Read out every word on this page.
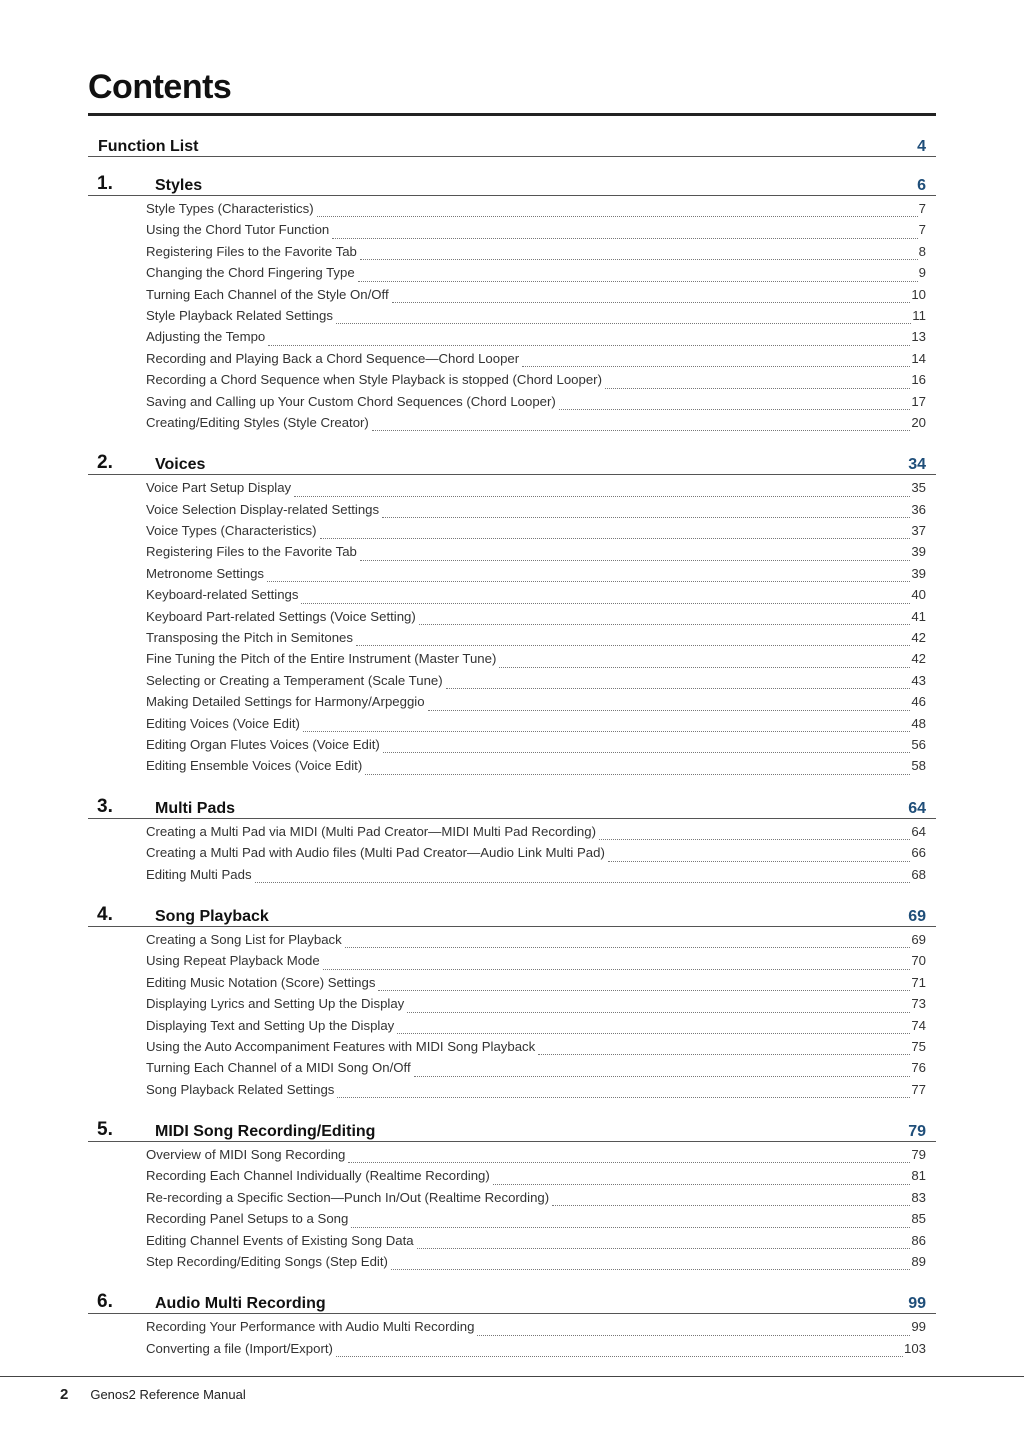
Contents
Function List	4
1.	Styles	6
Style Types (Characteristics)	7
Using the Chord Tutor Function	7
Registering Files to the Favorite Tab	8
Changing the Chord Fingering Type	9
Turning Each Channel of the Style On/Off	10
Style Playback Related Settings	11
Adjusting the Tempo	13
Recording and Playing Back a Chord Sequence—Chord Looper	14
Recording a Chord Sequence when Style Playback is stopped (Chord Looper)	16
Saving and Calling up Your Custom Chord Sequences (Chord Looper)	17
Creating/Editing Styles (Style Creator)	20
2.	Voices	34
Voice Part Setup Display	35
Voice Selection Display-related Settings	36
Voice Types (Characteristics)	37
Registering Files to the Favorite Tab	39
Metronome Settings	39
Keyboard-related Settings	40
Keyboard Part-related Settings (Voice Setting)	41
Transposing the Pitch in Semitones	42
Fine Tuning the Pitch of the Entire Instrument (Master Tune)	42
Selecting or Creating a Temperament (Scale Tune)	43
Making Detailed Settings for Harmony/Arpeggio	46
Editing Voices (Voice Edit)	48
Editing Organ Flutes Voices (Voice Edit)	56
Editing Ensemble Voices (Voice Edit)	58
3.	Multi Pads	64
Creating a Multi Pad via MIDI (Multi Pad Creator—MIDI Multi Pad Recording)	64
Creating a Multi Pad with Audio files (Multi Pad Creator—Audio Link Multi Pad)	66
Editing Multi Pads	68
4.	Song Playback	69
Creating a Song List for Playback	69
Using Repeat Playback Mode	70
Editing Music Notation (Score) Settings	71
Displaying Lyrics and Setting Up the Display	73
Displaying Text and Setting Up the Display	74
Using the Auto Accompaniment Features with MIDI Song Playback	75
Turning Each Channel of a MIDI Song On/Off	76
Song Playback Related Settings	77
5.	MIDI Song Recording/Editing	79
Overview of MIDI Song Recording	79
Recording Each Channel Individually (Realtime Recording)	81
Re-recording a Specific Section—Punch In/Out (Realtime Recording)	83
Recording Panel Setups to a Song	85
Editing Channel Events of Existing Song Data	86
Step Recording/Editing Songs (Step Edit)	89
6.	Audio Multi Recording	99
Recording Your Performance with Audio Multi Recording	99
Converting a file (Import/Export)	103
2 Genos2 Reference Manual
